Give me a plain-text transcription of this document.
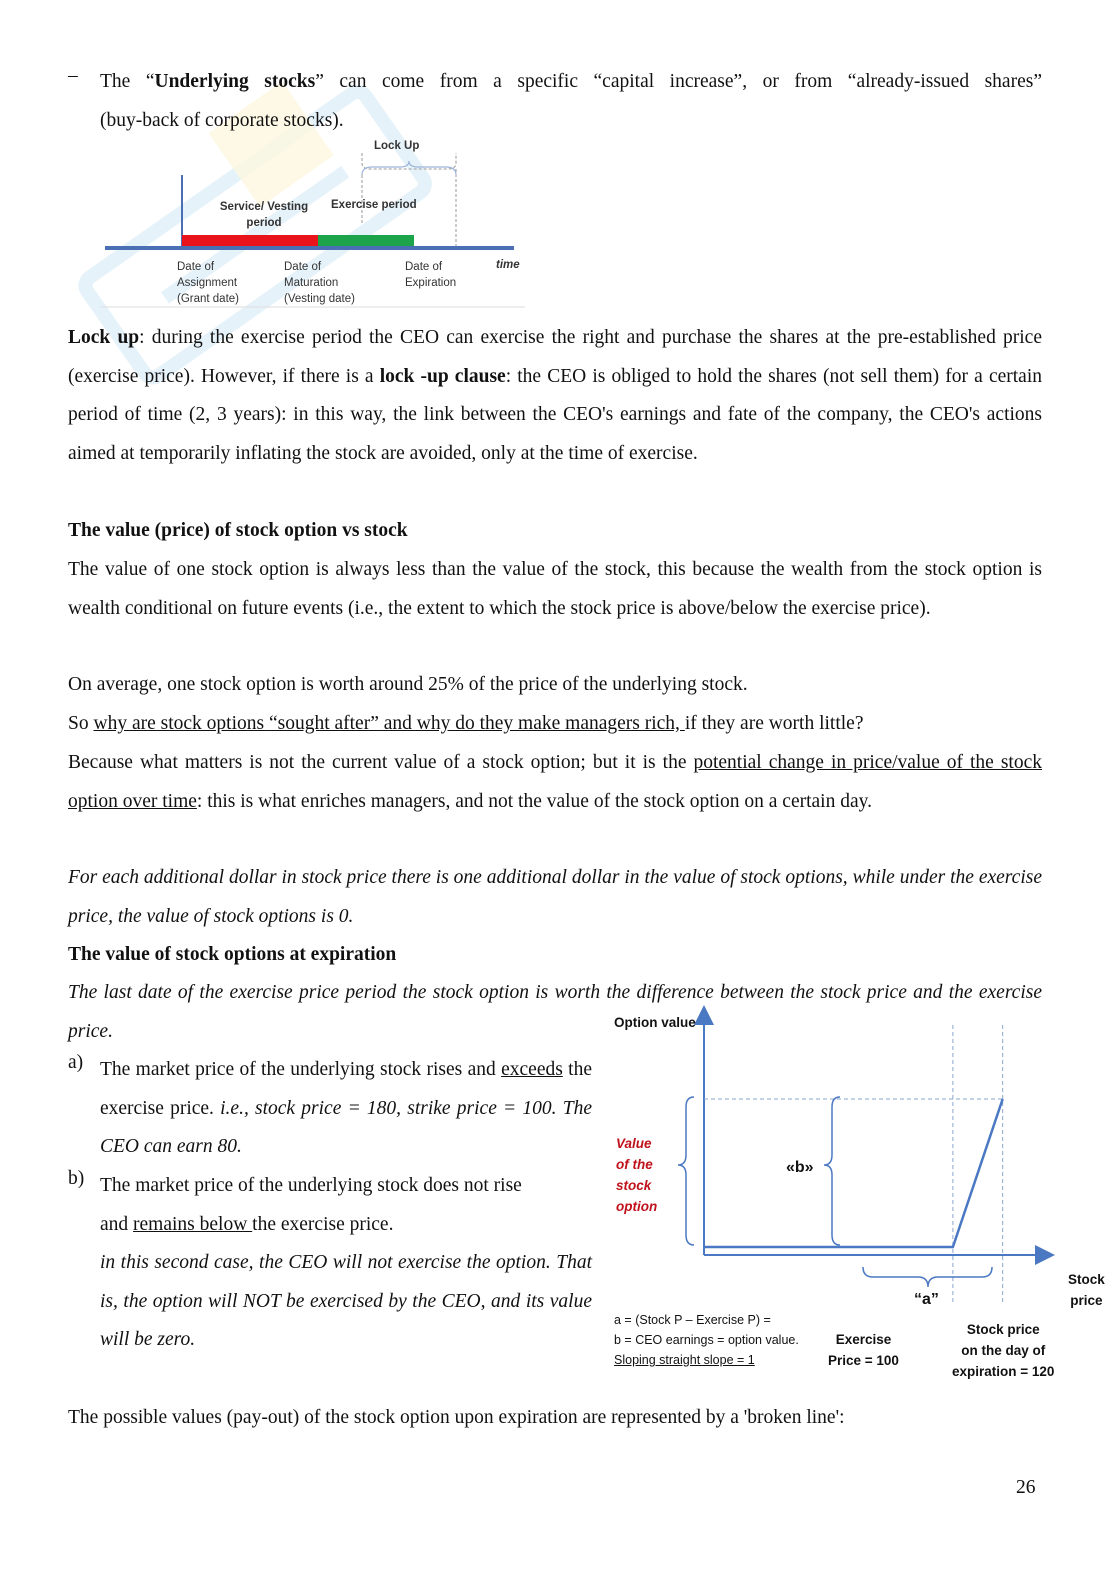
– The “Underlying stocks” can come from a specific “capital increase”, or from “already-issued shares”
(buy-back of corporate stocks).
Lock Up
Service/ Vesting
period
Exercise period
time
Date of
Assignment
(Grant date)
Date of
Maturation
(Vesting date)
Date of
Expiration
Lock up: during the exercise period the CEO can exercise the right and purchase the shares at the pre-established price (exercise price). However, if there is a lock -up clause: the CEO is obliged to hold the shares (not sell them) for a certain period of time (2, 3 years): in this way, the link between the CEO's earnings and fate of the company, the CEO's actions aimed at temporarily inflating the stock are avoided, only at the time of exercise.
The value (price) of stock option vs stock
The value of one stock option is always less than the value of the stock, this because the wealth from the stock option is wealth conditional on future events (i.e., the extent to which the stock price is above/below the exercise price).
On average, one stock option is worth around 25% of the price of the underlying stock.
So why are stock options “sought after” and why do they make managers rich, if they are worth little?
Because what matters is not the current value of a stock option; but it is the potential change in price/value of the stock option over time: this is what enriches managers, and not the value of the stock option on a certain day.
For each additional dollar in stock price there is one additional dollar in the value of stock options, while under the exercise price, the value of stock options is 0.
The value of stock options at expiration
The last date of the exercise price period the stock option is worth the difference between the stock price and the exercise price.
a) The market price of the underlying stock rises and exceeds the exercise price. i.e., stock price = 180, strike price = 100. The CEO can earn 80.
b) The market price of the underlying stock does not rise
and remains below the exercise price.
in this second case, the CEO will not exercise the option. That is, the option will NOT be exercised by the CEO, and its value will be zero.
Option value
Value
of the
stock
option
«b»
“a”
Stock
price
a = (Stock P – Exercise P) =
b = CEO earnings = option value.
Sloping straight slope = 1
Exercise
Price = 100
Stock price
on the day of
expiration = 120
The possible values (pay-out) of the stock option upon expiration are represented by a 'broken line':
26
